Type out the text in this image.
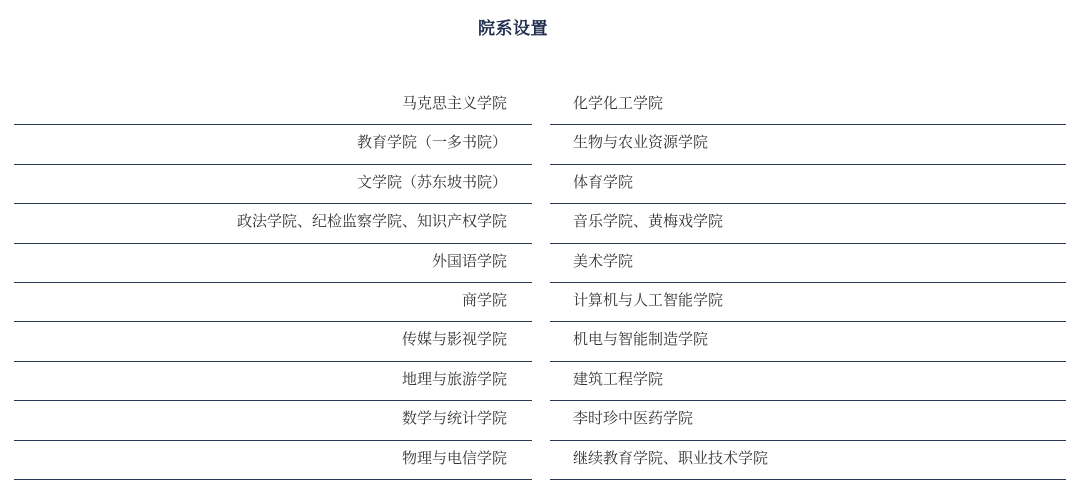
院系设置
马克思主义学院
教育学院（一多书院）
文学院（苏东坡书院）
政法学院、纪检监察学院、知识产权学院
外国语学院
商学院
传媒与影视学院
地理与旅游学院
数学与统计学院
物理与电信学院
化学化工学院
生物与农业资源学院
体育学院
音乐学院、黄梅戏学院
美术学院
计算机与人工智能学院
机电与智能制造学院
建筑工程学院
李时珍中医药学院
继续教育学院、职业技术学院
